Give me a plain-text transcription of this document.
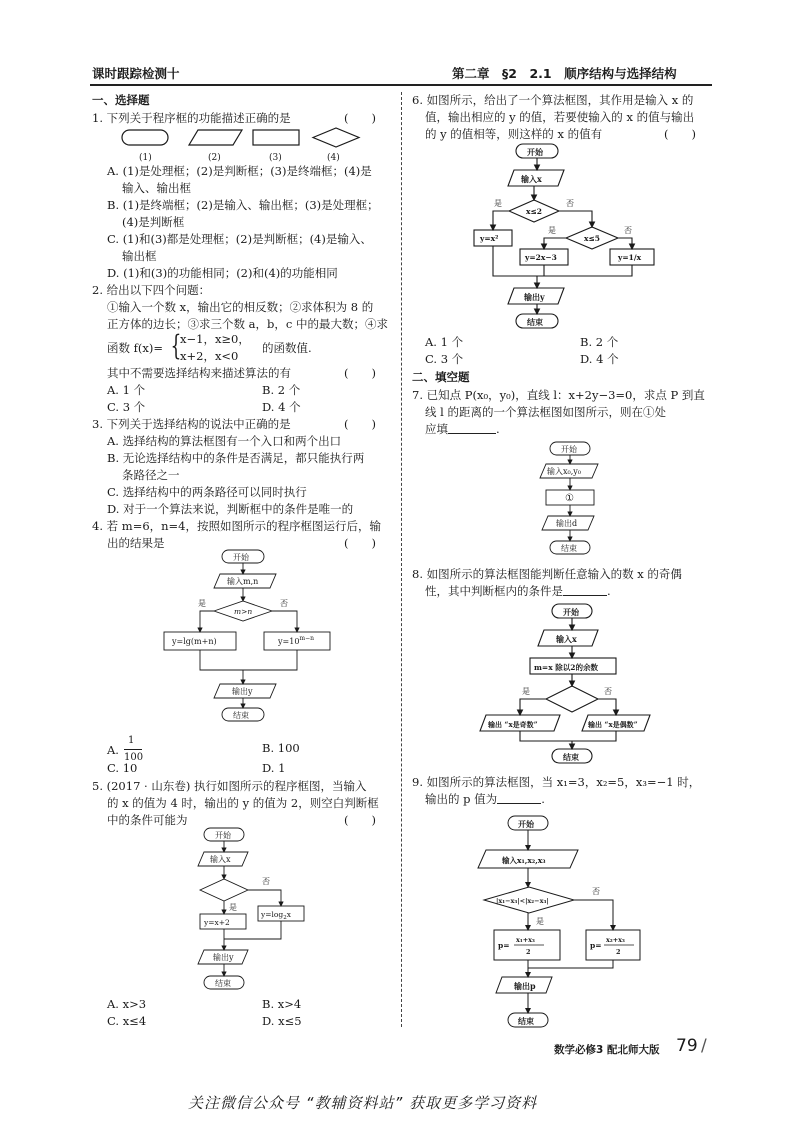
课时跟踪检测十	第二章　§2　2.1　顺序结构与选择结构
一、选择题
1. 下列关于程序框的功能描述正确的是	(　　)
(1)	(2)	(3)	(4)
A. (1)是处理框；(2)是判断框；(3)是终端框；(4)是
输入、输出框
B. (1)是终端框；(2)是输入、输出框；(3)是处理框；
(4)是判断框
C. (1)和(3)都是处理框；(2)是判断框；(4)是输入、
输出框
D. (1)和(3)的功能相同；(2)和(4)的功能相同
2. 给出以下四个问题：
①输入一个数 x，输出它的相反数；②求体积为 8 的
正方体的边长；③求三个数 a，b，c 中的最大数；④求
函数 f(x)= {
x−1，x≥0，
x+2，x<0
的函数值.
其中不需要选择结构来描述算法的有	(　　)
A. 1 个	B. 2 个
C. 3 个	D. 4 个
3. 下列关于选择结构的说法中正确的是	(　　)
A. 选择结构的算法框图有一个入口和两个出口
B. 无论选择结构中的条件是否满足，都只能执行两
条路径之一
C. 选择结构中的两条路径可以同时执行
D. 对于一个算法来说，判断框中的条件是唯一的
4. 若 m=6，n=4，按照如图所示的程序框图运行后，输
出的结果是	(　　)
开始
输入m,n
m>n
是	否
y=lg(m+n)	$y=10^{m-n}$
输出y
结束
A.
1
100
B. 100
C. 10	D. 1
5. (2017 · 山东卷) 执行如图所示的程序框图，当输入
的 x 的值为 4 时，输出的 y 的值为 2，则空白判断框
中的条件可能为	(　　)
开始
输入x
是
否
y=x+2
$y=\log_2x$
输出y
结束
A. x>3	B. x>4
C. x≤4	D. x≤5
6. 如图所示，给出了一个算法框图，其作用是输入 x 的
值，输出相应的 y 的值，若要使输入的 x 的值与输出
的 y 的值相等，则这样的 x 的值有	(　　)
开始
输入x
x≤2
是	否
y=x²	x≤5
是	否
y=2x−3	y=1/x
输出y
结束
A. 1 个	B. 2 个
C. 3 个	D. 4 个
二、填空题
7. 已知点 P(x₀，y₀)，直线 l：x+2y−3=0，求点 P 到直
线 l 的距离的一个算法框图如图所示，则在①处
应填	.
开始
输入x₀,y₀
①
输出d
结束
8. 如图所示的算法框图能判断任意输入的数 x 的奇偶
性，其中判断框内的条件是	.
开始
输入x
m=x 除以2的余数
是	否
输出 “x是奇数”	输出 “x是偶数”
结束
9. 如图所示的算法框图，当 x₁=3，x₂=5，x₃=−1 时，
输出的 p 值为	.
开始
输入x₁,x₂,x₃
|x₁−x₃|<|x₂−x₃|
是
否
p=
x₁+x₃
2
p=
x₂+x₃
2
输出p
结束
数学必修3 配北师大版 79 /
关注微信公众号 “教辅资料站” 获取更多学习资料
